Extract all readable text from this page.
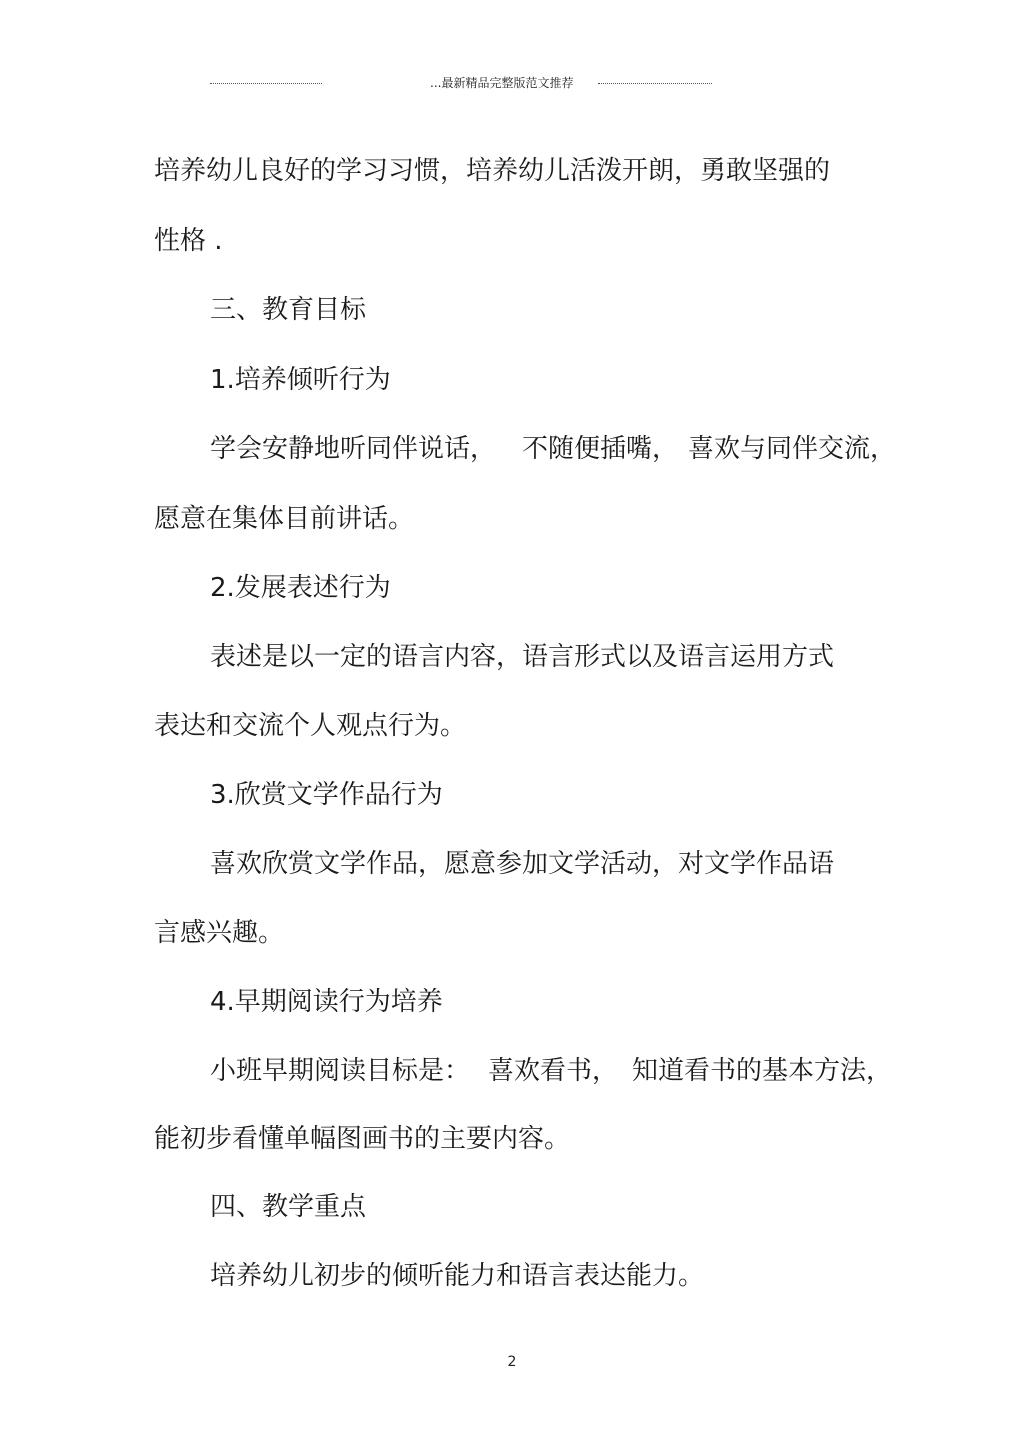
...最新精品完整版范文推荐
培养幼儿良好的学习习惯，培养幼儿活泼开朗，勇敢坚强的
性格 .
三、教育目标
1.培养倾听行为
学会安静地听同伴说话， 不随便插嘴， 喜欢与同伴交流，
愿意在集体目前讲话。
2.发展表述行为
表述是以一定的语言内容，语言形式以及语言运用方式
表达和交流个人观点行为。
3.欣赏文学作品行为
喜欢欣赏文学作品，愿意参加文学活动，对文学作品语
言感兴趣。
4.早期阅读行为培养
小班早期阅读目标是： 喜欢看书， 知道看书的基本方法，
能初步看懂单幅图画书的主要内容。
四、教学重点
培养幼儿初步的倾听能力和语言表达能力。
2
